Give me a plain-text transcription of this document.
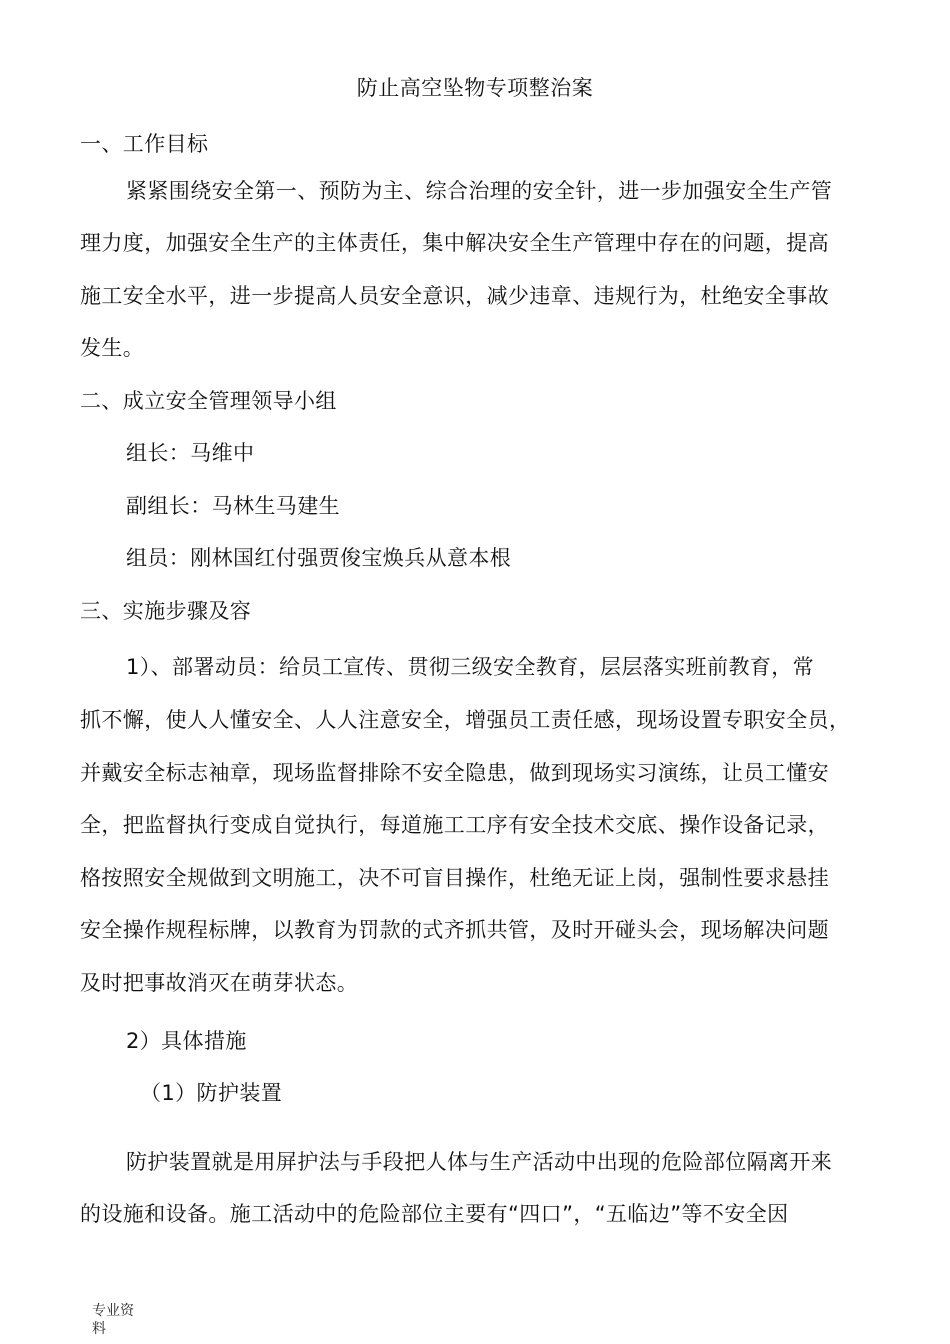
防止高空坠物专项整治案
一、工作目标
紧紧围绕安全第一、预防为主、综合治理的安全针，进一步加强安全生产管
理力度，加强安全生产的主体责任，集中解决安全生产管理中存在的问题，提高
施工安全水平，进一步提高人员安全意识，减少违章、违规行为，杜绝安全事故
发生。
二、成立安全管理领导小组
组长：马维中
副组长：马林生马建生
组员：刚林国红付强贾俊宝焕兵从意本根
三、实施步骤及容
1）、部署动员：给员工宣传、贯彻三级安全教育，层层落实班前教育，常
抓不懈，使人人懂安全、人人注意安全，增强员工责任感，现场设置专职安全员，
并戴安全标志袖章，现场监督排除不安全隐患，做到现场实习演练，让员工懂安
全，把监督执行变成自觉执行，每道施工工序有安全技术交底、操作设备记录，
格按照安全规做到文明施工，决不可盲目操作，杜绝无证上岗，强制性要求悬挂
安全操作规程标牌，以教育为罚款的式齐抓共管，及时开碰头会，现场解决问题
及时把事故消灭在萌芽状态。
2）具体措施
（1）防护装置
防护装置就是用屏护法与手段把人体与生产活动中出现的危险部位隔离开来
的设施和设备。施工活动中的危险部位主要有“四口”，“五临边”等不安全因
专业资
料
